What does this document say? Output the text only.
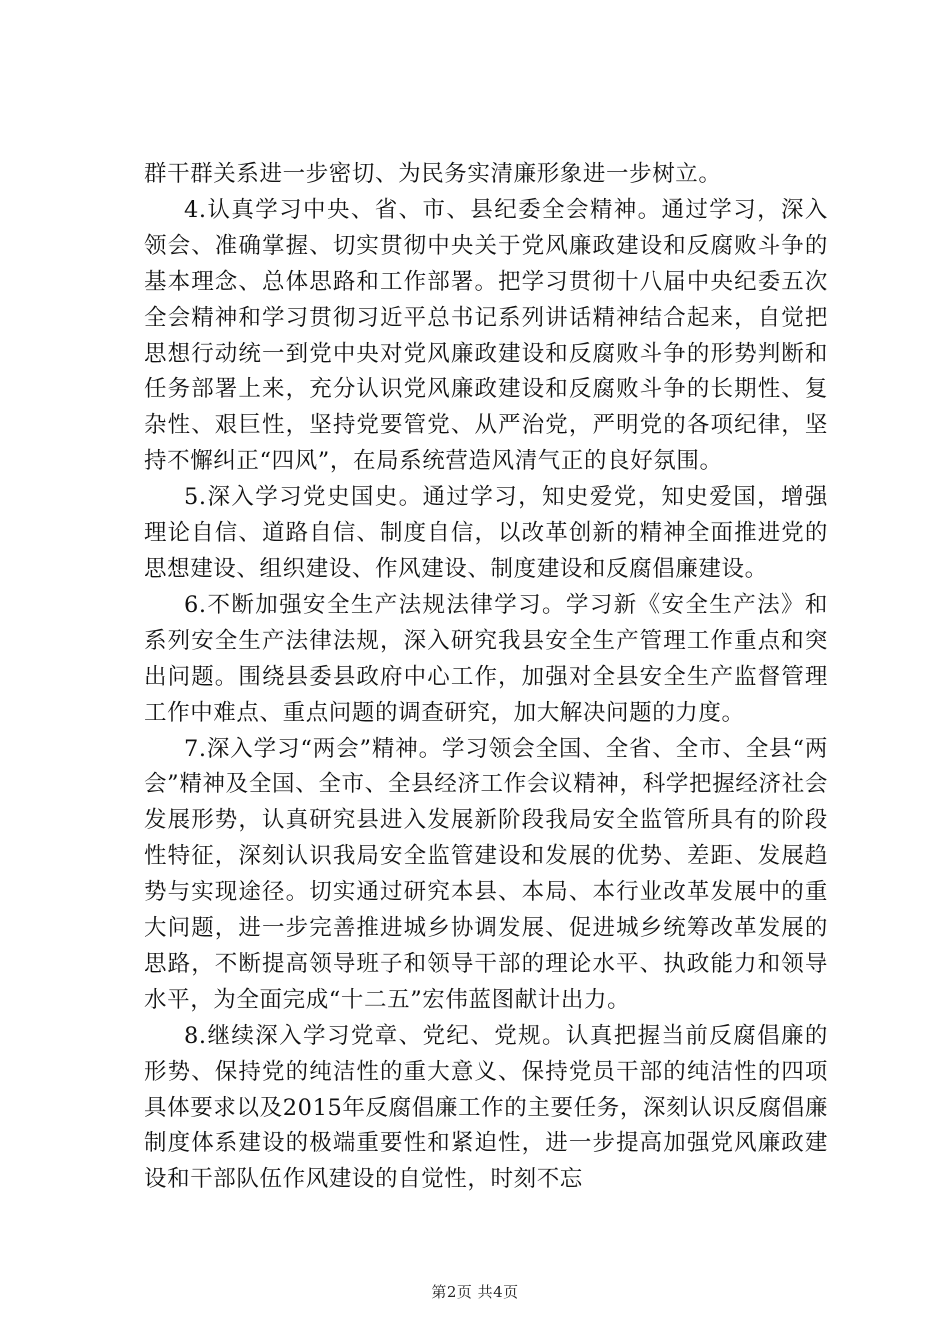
群干群关系进一步密切、为民务实清廉形象进一步树立。

4.认真学习中央、省、市、县纪委全会精神。通过学习，深入领会、准确掌握、切实贯彻中央关于党风廉政建设和反腐败斗争的基本理念、总体思路和工作部署。把学习贯彻十八届中央纪委五次全会精神和学习贯彻习近平总书记系列讲话精神结合起来，自觉把思想行动统一到党中央对党风廉政建设和反腐败斗争的形势判断和任务部署上来，充分认识党风廉政建设和反腐败斗争的长期性、复杂性、艰巨性，坚持党要管党、从严治党，严明党的各项纪律，坚持不懈纠正“四风”，在局系统营造风清气正的良好氛围。

5.深入学习党史国史。通过学习，知史爱党，知史爱国，增强理论自信、道路自信、制度自信，以改革创新的精神全面推进党的思想建设、组织建设、作风建设、制度建设和反腐倡廉建设。

6.不断加强安全生产法规法律学习。学习新《安全生产法》和系列安全生产法律法规，深入研究我县安全生产管理工作重点和突出问题。围绕县委县政府中心工作，加强对全县安全生产监督管理工作中难点、重点问题的调查研究，加大解决问题的力度。

7.深入学习“两会”精神。学习领会全国、全省、全市、全县“两会”精神及全国、全市、全县经济工作会议精神，科学把握经济社会发展形势，认真研究县进入发展新阶段我局安全监管所具有的阶段性特征，深刻认识我局安全监管建设和发展的优势、差距、发展趋势与实现途径。切实通过研究本县、本局、本行业改革发展中的重大问题，进一步完善推进城乡协调发展、促进城乡统筹改革发展的思路，不断提高领导班子和领导干部的理论水平、执政能力和领导水平，为全面完成“十二五”宏伟蓝图献计出力。

8.继续深入学习党章、党纪、党规。认真把握当前反腐倡廉的形势、保持党的纯洁性的重大意义、保持党员干部的纯洁性的四项具体要求以及2015年反腐倡廉工作的主要任务，深刻认识反腐倡廉制度体系建设的极端重要性和紧迫性，进一步提高加强党风廉政建设和干部队伍作风建设的自觉性，时刻不忘

第2页 共4页
